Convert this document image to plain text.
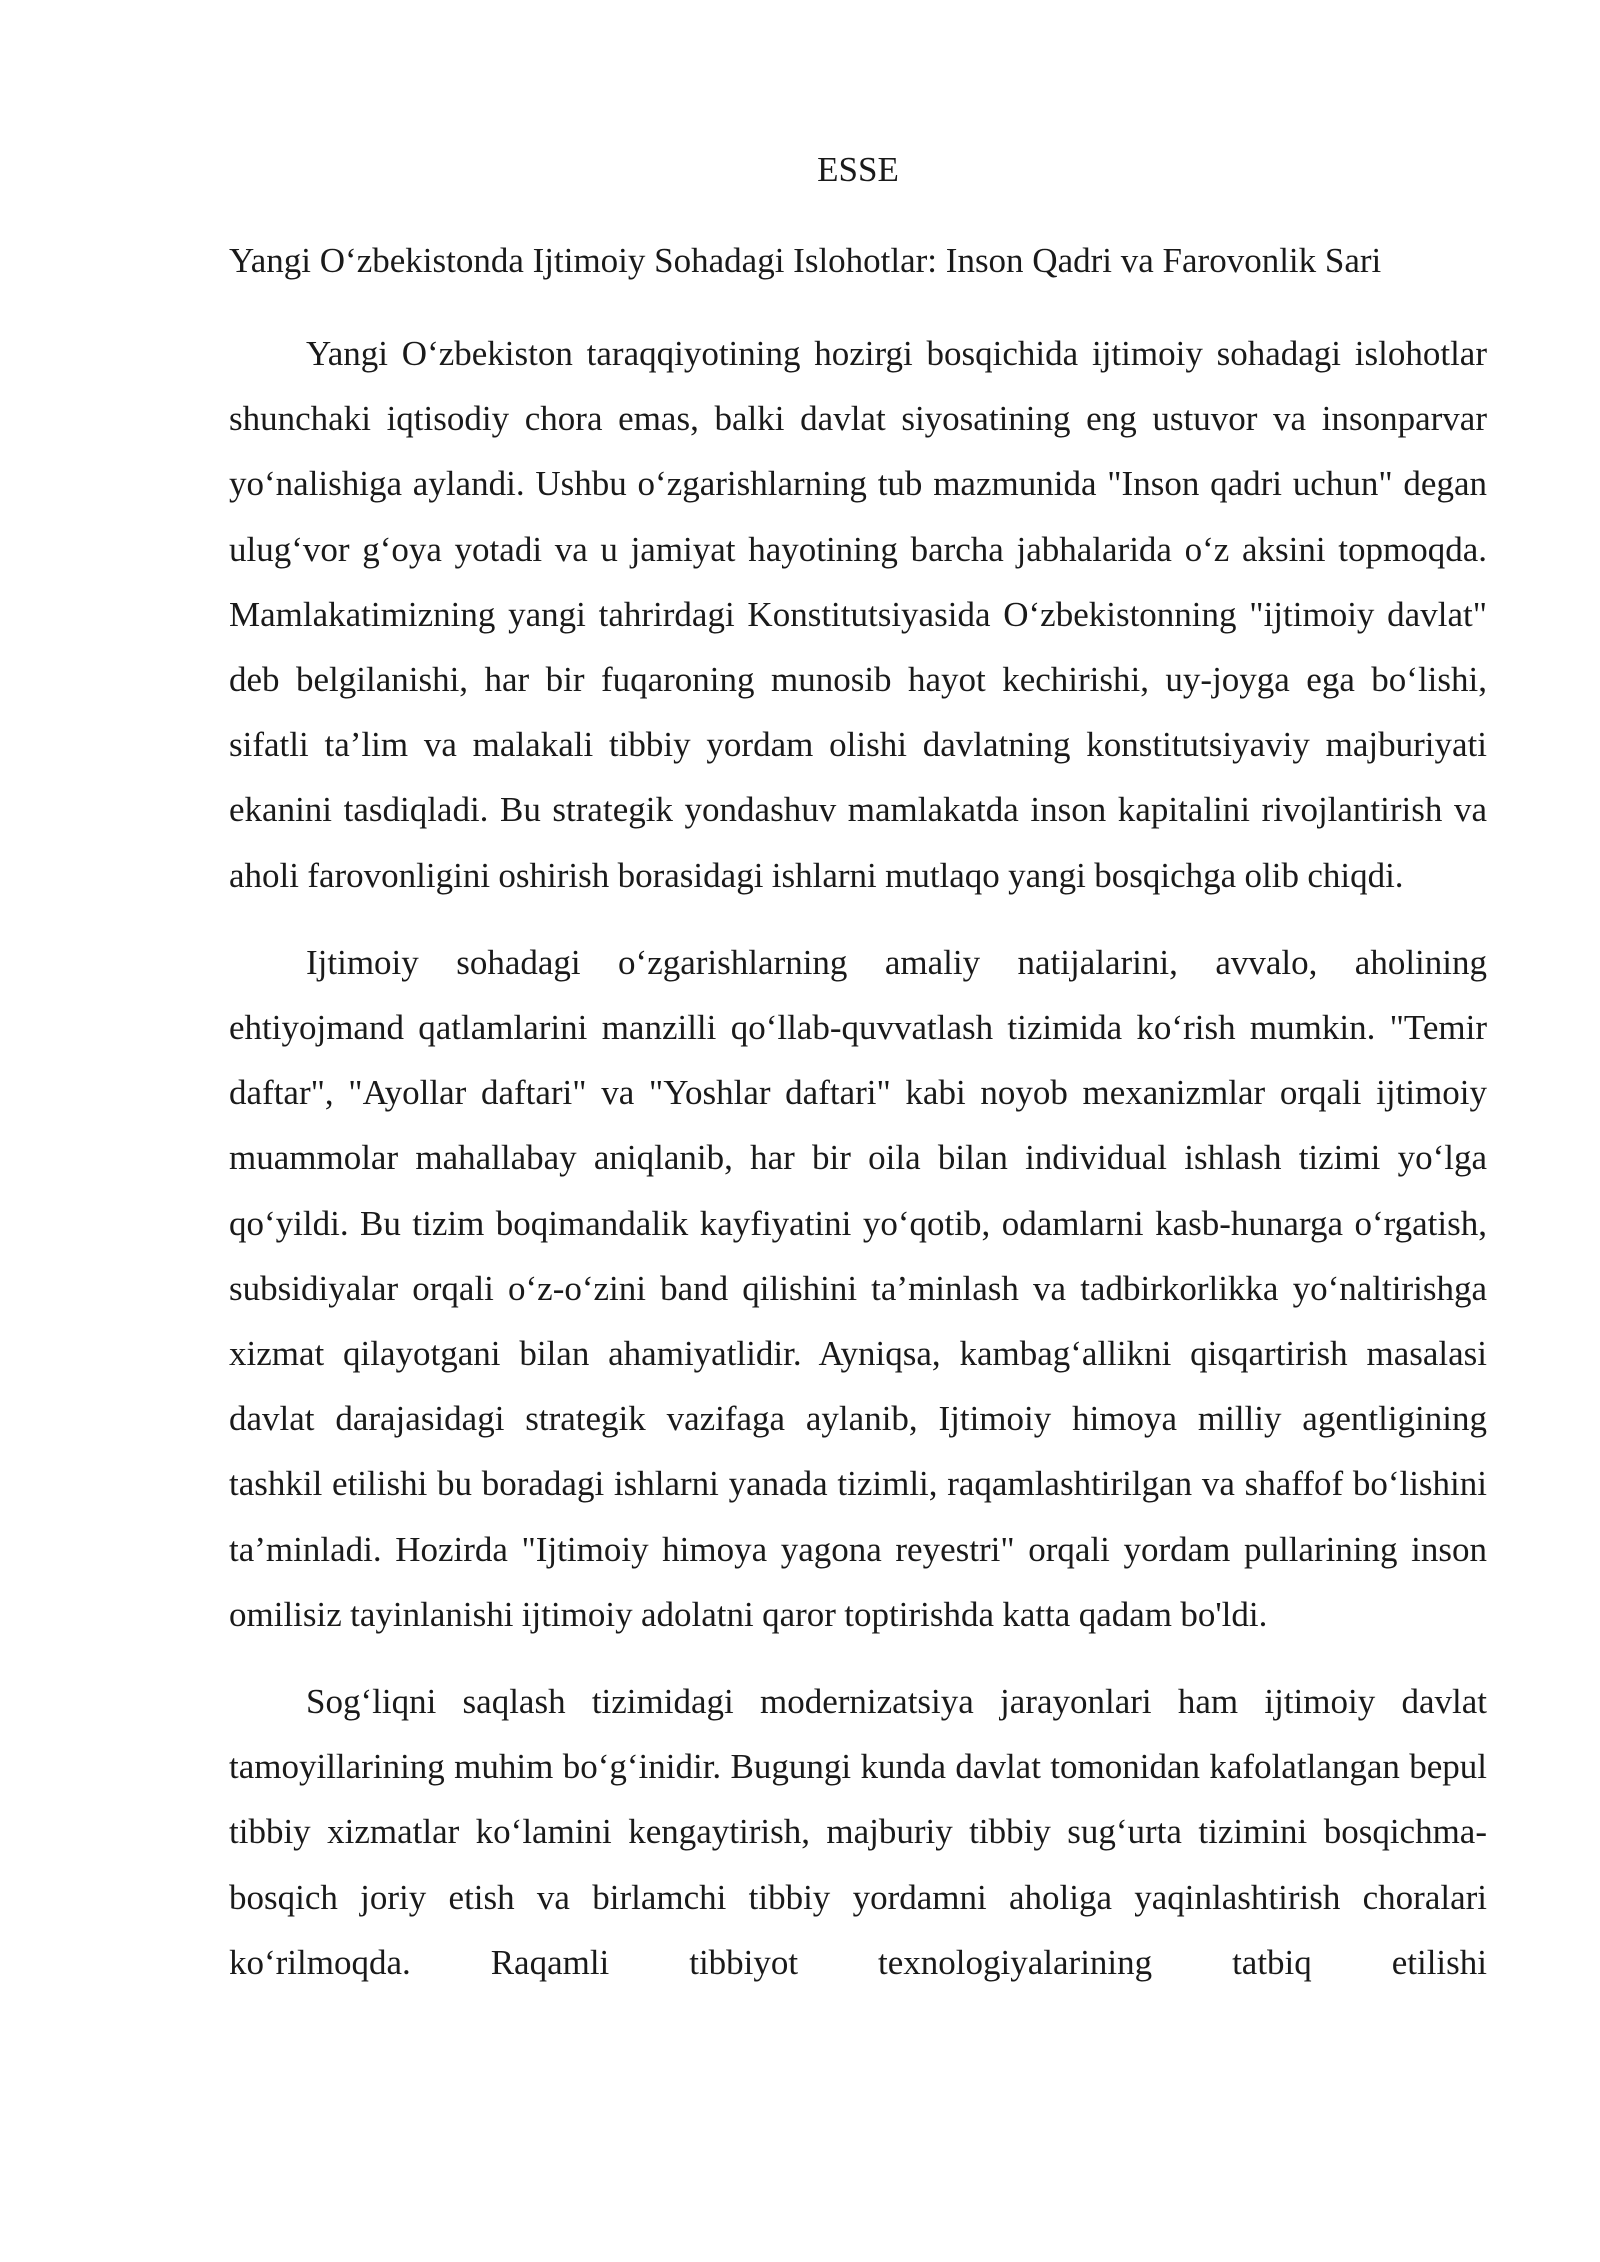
ESSE
Yangi O‘zbekistonda Ijtimoiy Sohadagi Islohotlar: Inson Qadri va Farovonlik Sari

Yangi O‘zbekiston taraqqiyotining hozirgi bosqichida ijtimoiy sohadagi islohotlar shunchaki iqtisodiy chora emas, balki davlat siyosatining eng ustuvor va insonparvar yo‘nalishiga aylandi. Ushbu o‘zgarishlarning tub mazmunida "Inson qadri uchun" degan ulug‘vor g‘oya yotadi va u jamiyat hayotining barcha jabhalarida o‘z aksini topmoqda. Mamlakatimizning yangi tahrirdagi Konstitutsiyasida O‘zbekistonning "ijtimoiy davlat" deb belgilanishi, har bir fuqaroning munosib hayot kechirishi, uy-joyga ega bo‘lishi, sifatli ta’lim va malakali tibbiy yordam olishi davlatning konstitutsiyaviy majburiyati ekanini tasdiqladi. Bu strategik yondashuv mamlakatda inson kapitalini rivojlantirish va aholi farovonligini oshirish borasidagi ishlarni mutlaqo yangi bosqichga olib chiqdi.

Ijtimoiy sohadagi o‘zgarishlarning amaliy natijalarini, avvalo, aholining ehtiyojmand qatlamlarini manzilli qo‘llab-quvvatlash tizimida ko‘rish mumkin. "Temir daftar", "Ayollar daftari" va "Yoshlar daftari" kabi noyob mexanizmlar orqali ijtimoiy muammolar mahallabay aniqlanib, har bir oila bilan individual ishlash tizimi yo‘lga qo‘yildi. Bu tizim boqimandalik kayfiyatini yo‘qotib, odamlarni kasb-hunarga o‘rgatish, subsidiyalar orqali o‘z-o‘zini band qilishini ta’minlash va tadbirkorlikka yo‘naltirishga xizmat qilayotgani bilan ahamiyatlidir. Ayniqsa, kambag‘allikni qisqartirish masalasi davlat darajasidagi strategik vazifaga aylanib, Ijtimoiy himoya milliy agentligining tashkil etilishi bu boradagi ishlarni yanada tizimli, raqamlashtirilgan va shaffof bo‘lishini ta’minladi. Hozirda "Ijtimoiy himoya yagona reyestri" orqali yordam pullarining inson omilisiz tayinlanishi ijtimoiy adolatni qaror toptirishda katta qadam bo'ldi.

Sog‘liqni saqlash tizimidagi modernizatsiya jarayonlari ham ijtimoiy davlat tamoyillarining muhim bo‘g‘inidir. Bugungi kunda davlat tomonidan kafolatlangan bepul tibbiy xizmatlar ko‘lamini kengaytirish, majburiy tibbiy sug‘urta tizimini bosqichma-bosqich joriy etish va birlamchi tibbiy yordamni aholiga yaqinlashtirish choralari ko‘rilmoqda. Raqamli tibbiyot texnologiyalarining tatbiq etilishi
